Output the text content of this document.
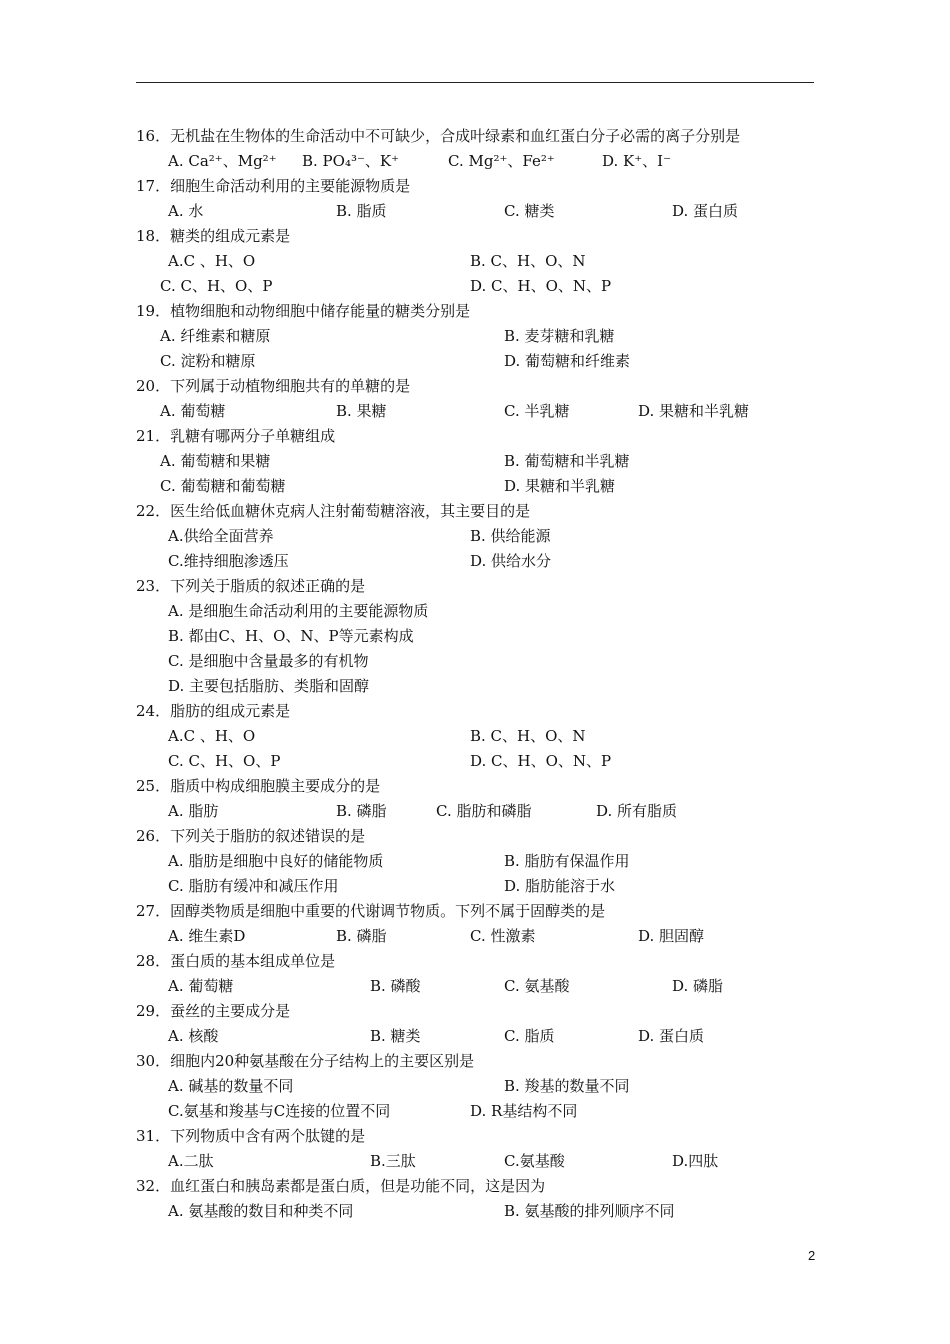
16．无机盐在生物体的生命活动中不可缺少，合成叶绿素和血红蛋白分子必需的离子分别是
A. Ca²⁺、Mg²⁺ B. PO₄³⁻、K⁺	C. Mg²⁺、Fe²⁺	D. K⁺、I⁻
17．细胞生命活动利用的主要能源物质是
A. 水	B. 脂质	C. 糖类	D. 蛋白质
18．糖类的组成元素是
A.C 、H、O	B. C、H、O、N
C. C、H、O、P	D. C、H、O、N、P
19．植物细胞和动物细胞中储存能量的糖类分别是
A. 纤维素和糖原	B. 麦芽糖和乳糖
C. 淀粉和糖原	D. 葡萄糖和纤维素
20．下列属于动植物细胞共有的单糖的是
A. 葡萄糖	B. 果糖	C. 半乳糖	D. 果糖和半乳糖
21．乳糖有哪两分子单糖组成
A. 葡萄糖和果糖	B. 葡萄糖和半乳糖
C. 葡萄糖和葡萄糖	D. 果糖和半乳糖
22．医生给低血糖休克病人注射葡萄糖溶液，其主要目的是
A.供给全面营养	B. 供给能源
C.维持细胞渗透压	D. 供给水分
23．下列关于脂质的叙述正确的是
A. 是细胞生命活动利用的主要能源物质
B. 都由C、H、O、N、P等元素构成
C. 是细胞中含量最多的有机物
D. 主要包括脂肪、类脂和固醇
24．脂肪的组成元素是
A.C 、H、O	B. C、H、O、N
C. C、H、O、P	D. C、H、O、N、P
25．脂质中构成细胞膜主要成分的是
A. 脂肪	B. 磷脂	C. 脂肪和磷脂	D. 所有脂质
26．下列关于脂肪的叙述错误的是
A. 脂肪是细胞中良好的储能物质	B. 脂肪有保温作用
C. 脂肪有缓冲和减压作用	D. 脂肪能溶于水
27．固醇类物质是细胞中重要的代谢调节物质。下列不属于固醇类的是
A. 维生素D	B. 磷脂	C. 性激素	D. 胆固醇
28．蛋白质的基本组成单位是
A. 葡萄糖	B. 磷酸	C. 氨基酸	D. 磷脂
29．蚕丝的主要成分是
A. 核酸	B. 糖类	C. 脂质	D. 蛋白质
30．细胞内20种氨基酸在分子结构上的主要区别是
A. 碱基的数量不同	B. 羧基的数量不同
C.氨基和羧基与C连接的位置不同	D. R基结构不同
31．下列物质中含有两个肽键的是
A.二肽	B.三肽	C.氨基酸	D.四肽
32．血红蛋白和胰岛素都是蛋白质，但是功能不同，这是因为
A. 氨基酸的数目和种类不同	B. 氨基酸的排列顺序不同
2
